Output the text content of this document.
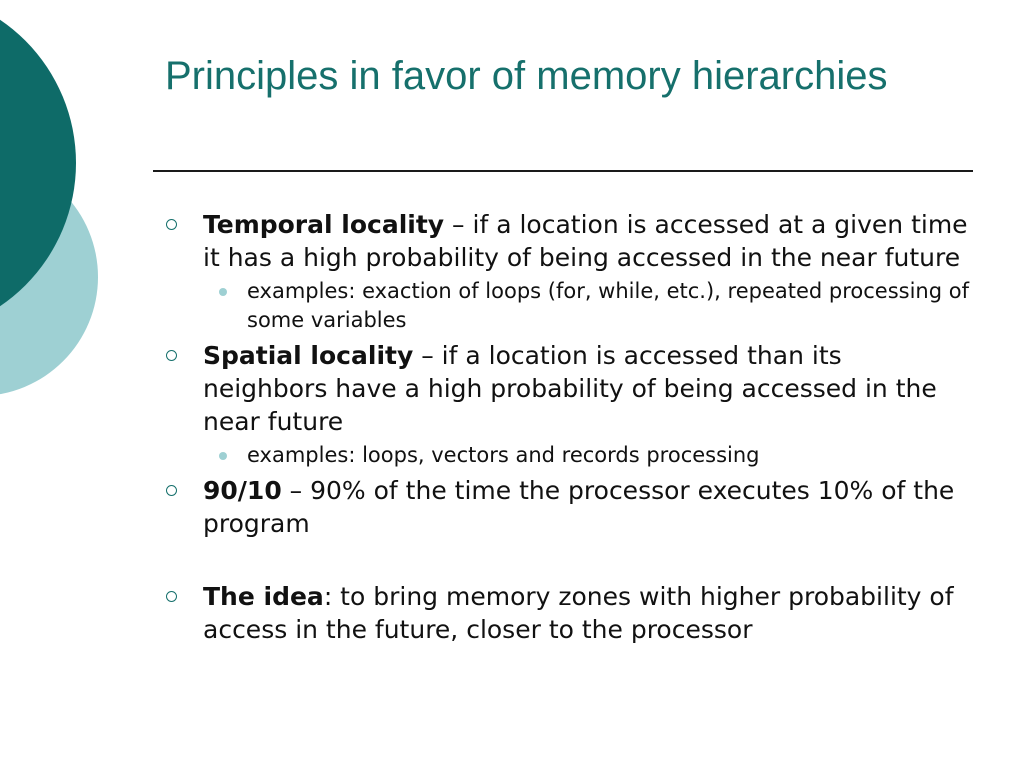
Principles in favor of memory hierarchies
Temporal locality – if a location is accessed at a given time it has a high probability of being accessed in the near future
examples: exaction of loops (for, while, etc.), repeated processing of some variables
Spatial locality – if a location is accessed than its neighbors have a high probability of being accessed in the near future
examples: loops, vectors and records processing
90/10 – 90% of the time the processor executes 10% of the program
The idea: to bring memory zones with higher probability of access in the future, closer to the processor
